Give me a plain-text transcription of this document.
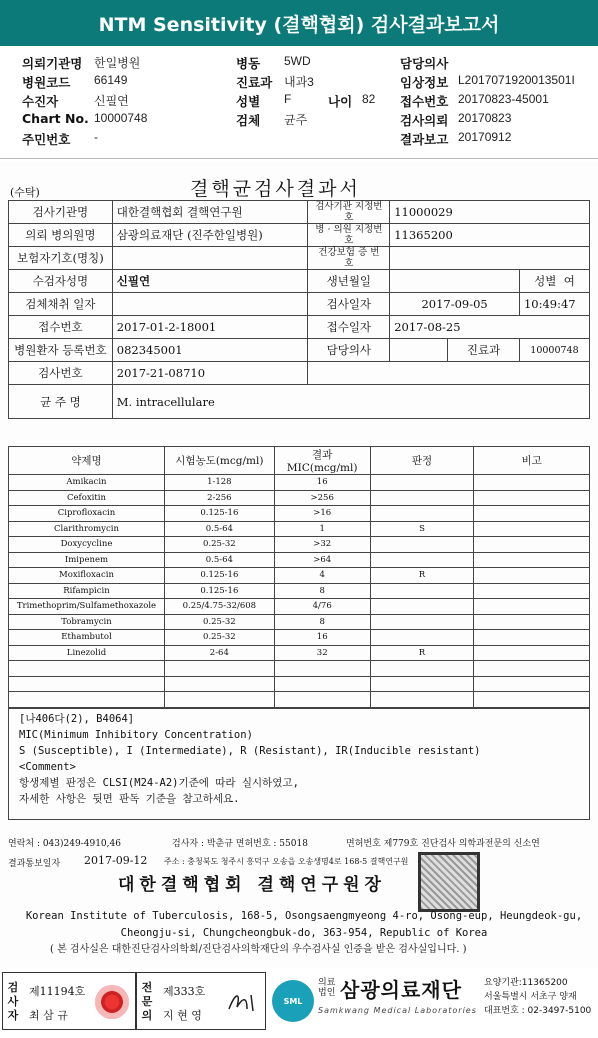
NTM Sensitivity (결핵협회) 검사결과보고서
의뢰기관명 한일병원	병동 5WD	담당의사
병원코드 66149	진료과 내과3	임상정보 L2017071920013501I
수진자	신필연	성별 F	나이 82 접수번호 20170823-45001
Chart No. 10000748	검체 균주	검사의뢰 20170823
주민번호 -	결과보고 20170912
(수탁)	결핵균검사결과서
검사기관명	대한결핵협회 결핵연구원	검사기관 지정번호	11000029		
의뢰 병의원명	삼광의료재단 (진주한일병원)	병 · 의원 지정번호	11365200		
보험자기호(명칭)		건강보험 증 번 호			
수검자성명	신필연	생년월일			성별 여
검체채취 일자		검사일자	2017-09-05		10:49:47
접수번호	2017-01-2-18001	접수일자	2017-08-25		
병원환자 등록번호	082345001	담당의사		진료과	10000748
검사번호	2017-21-08710				
균 주 명	M. intracellulare				
약제명	시험농도(mcg/ml)	결과 MIC(mcg/ml)	판정	비고
Amikacin	1-128	16		
Cefoxitin	2-256	>256		
Ciprofloxacin	0.125-16	>16		
Clarithromycin	0.5-64	1	S	
Doxycycline	0.25-32	>32		
Imipenem	0.5-64	>64		
Moxifloxacin	0.125-16	4	R	
Rifampicin	0.125-16	8		
Trimethoprim/Sulfamethoxazole	0.25/4.75-32/608	4/76		
Tobramycin	0.25-32	8		
Ethambutol	0.25-32	16		
Linezolid	2-64	32	R	

[나406다(2), B4064]
MIC(Minimum Inhibitory Concentration)
S (Susceptible), I (Intermediate), R (Resistant), IR(Inducible resistant)
<Comment>
항생제별 판정은 CLSI(M24-A2)기준에 따라 실시하였고,
자세한 사항은 뒷면 판독 기준을 참고하세요.
연락처 : 043)249-4910,46	검사자 : 박춘규 면허번호 : 55018	면허번호 제779호 진단검사 의학과전문의 신소연
결과통보일자 2017-09-12 주소 : 충청북도 청주시 흥덕구 오송읍 오송생명4로 168-5 결핵연구원
대한결핵협회 결핵연구원장
Korean Institute of Tuberculosis, 168-5, Osongsaengmyeong 4-ro, Osong-eup, Heungdeok-gu, Cheongju-si, Chungcheongbuk-do, 363-954, Republic of Korea
( 본 검사실은 대한진단검사의학회/진단검사의학재단의 우수검사실 인증을 받은 검사실입니다. )
검사자
제11194호
최 삼 규
전문의
제333호
지 현 영
SML
의료법인 삼광의료재단
Samkwang Medical Laboratories
요양기관:11365200
서울특별시 서초구 양재
대표번호 : 02-3497-5100
